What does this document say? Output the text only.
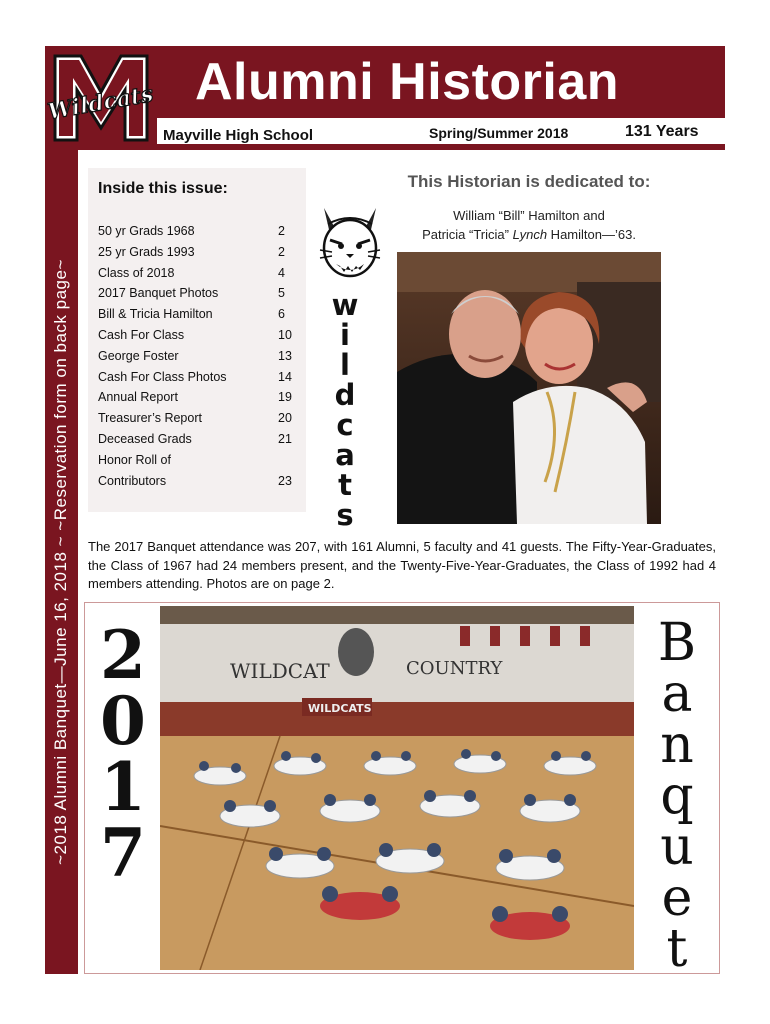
~2018 Alumni Banquet—June 16, 2018 ~ ~Reservation form on back page~
Wildcats Alumni Historian
Mayville High School	Spring/Summer 2018	131 Years
Inside this issue:
50 yr Grads 1968	2
25 yr Grads 1993	2
Class of 2018	4
2017 Banquet Photos	5
Bill & Tricia Hamilton	6
Cash For Class	10
George Foster	13
Cash For Class Photos	14
Annual Report	19
Treasurer’s Report	20
Deceased Grads	21
Honor Roll of
Contributors	23
w
i
l
d
c
a
t
s
This Historian is dedicated to:
William “Bill” Hamilton and
Patricia “Tricia” Lynch Hamilton—’63.
The 2017 Banquet attendance was 207, with 161 Alumni, 5 faculty and 41 guests. The Fifty-Year-Graduates, the Class of 1967 had 24 members present, and the Twenty-Five-Year-Graduates, the Class of 1992 had 4 members attending. Photos are on page 2.
2
0
1
7
WILDCAT	COUNTRY
WILDCATS
B
a
n
q
u
e
t
